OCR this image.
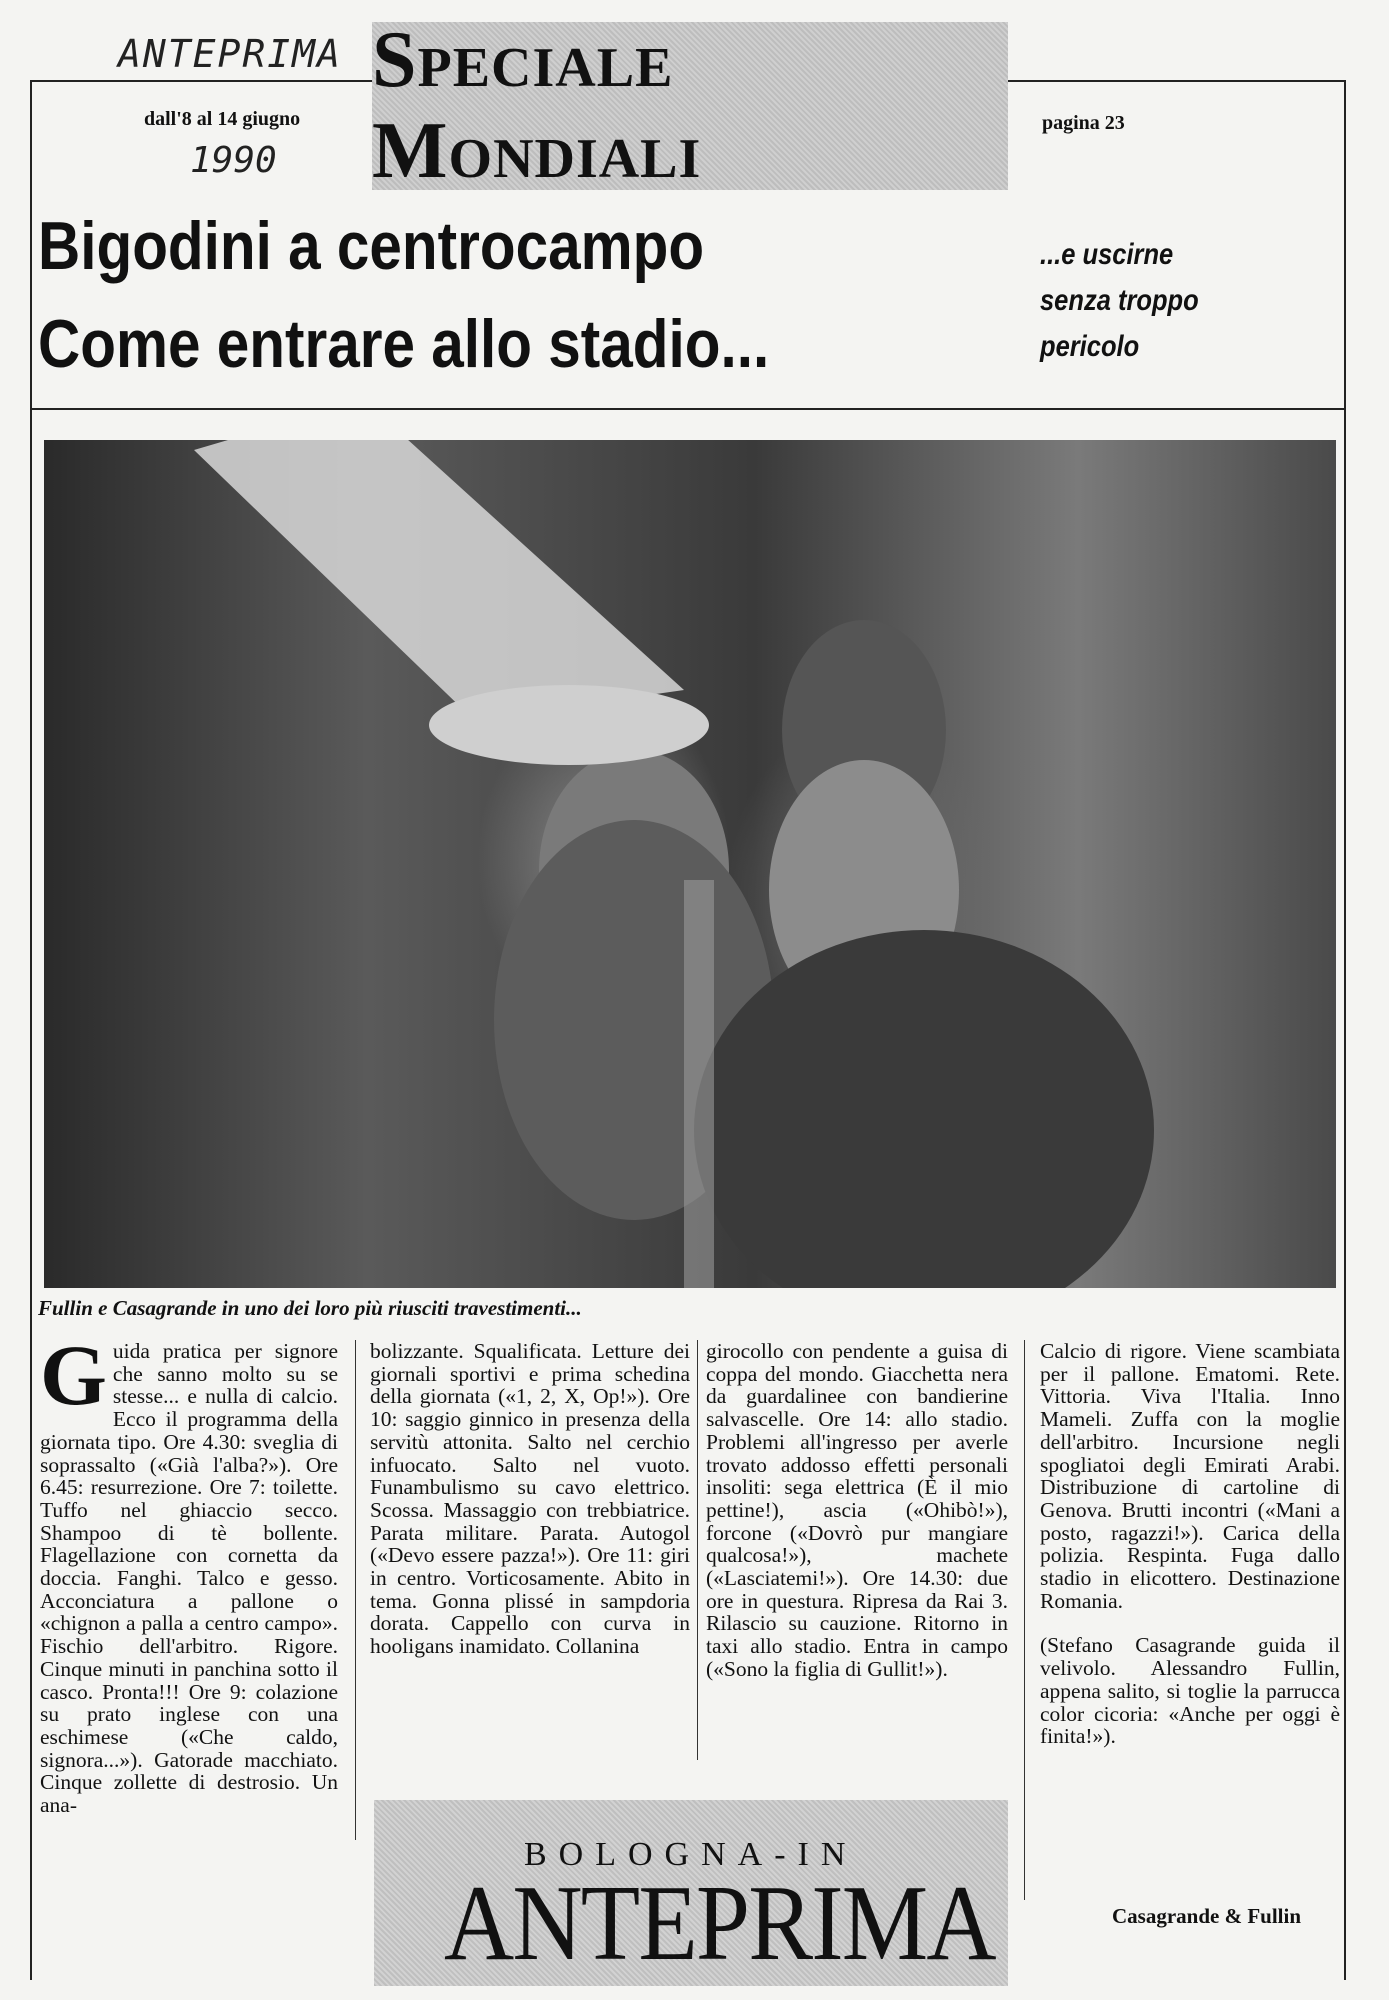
ANTEPRIMA
1990
Speciale Mondiali
dall'8 al 14 giugno	pagina 23
Bigodini a centrocampo
Come entrare allo stadio...
...e uscirne
senza troppo
pericolo
Fullin e Casagrande in uno dei loro più riusciti travestimenti...

Guida pratica per signore che sanno molto su se stesse... e nulla di calcio. Ecco il programma della giornata tipo. Ore 4.30: sveglia di soprassalto («Già l'alba?»). Ore 6.45: resurrezione. Ore 7: toilette. Tuffo nel ghiaccio secco. Shampoo di tè bollente. Flagellazione con cornetta da doccia. Fanghi. Talco e gesso. Acconciatura a pallone o «chignon a palla a centro campo». Fischio dell'arbitro. Rigore. Cinque minuti in panchina sotto il casco. Pronta!!! Ore 9: colazione su prato inglese con una eschimese («Che caldo, signora...»). Gatorade macchiato. Cinque zollette di destrosio. Un ana-

bolizzante. Squalificata. Letture dei giornali sportivi e prima schedina della giornata («1, 2, X, Op!»). Ore 10: saggio ginnico in presenza della servitù attonita. Salto nel cerchio infuocato. Salto nel vuoto. Funambulismo su cavo elettrico. Scossa. Massaggio con trebbiatrice. Parata militare. Parata. Autogol («Devo essere pazza!»). Ore 11: giri in centro. Vorticosamente. Abito in tema. Gonna plissé in sampdoria dorata. Cappello con curva in hooligans inamidato. Collanina

girocollo con pendente a guisa di coppa del mondo. Giacchetta nera da guardalinee con bandierine salvascelle. Ore 14: allo stadio. Problemi all'ingresso per averle trovato addosso effetti personali insoliti: sega elettrica (È il mio pettine!), ascia («Ohibò!»), forcone («Dovrò pur mangiare qualcosa!»), machete («Lasciatemi!»). Ore 14.30: due ore in questura. Ripresa da Rai 3. Rilascio su cauzione. Ritorno in taxi allo stadio. Entra in campo («Sono la figlia di Gullit!»).

Calcio di rigore. Viene scambiata per il pallone. Ematomi. Rete. Vittoria. Viva l'Italia. Inno Mameli. Zuffa con la moglie dell'arbitro. Incursione negli spogliatoi degli Emirati Arabi. Distribuzione di cartoline di Genova. Brutti incontri («Mani a posto, ragazzi!»). Carica della polizia. Respinta. Fuga dallo stadio in elicottero. Destinazione Romania.

(Stefano Casagrande guida il velivolo. Alessandro Fullin, appena salito, si toglie la parrucca color cicoria: «Anche per oggi è finita!»).

BOLOGNA-IN
ANTEPRIMA	Casagrande & Fullin
